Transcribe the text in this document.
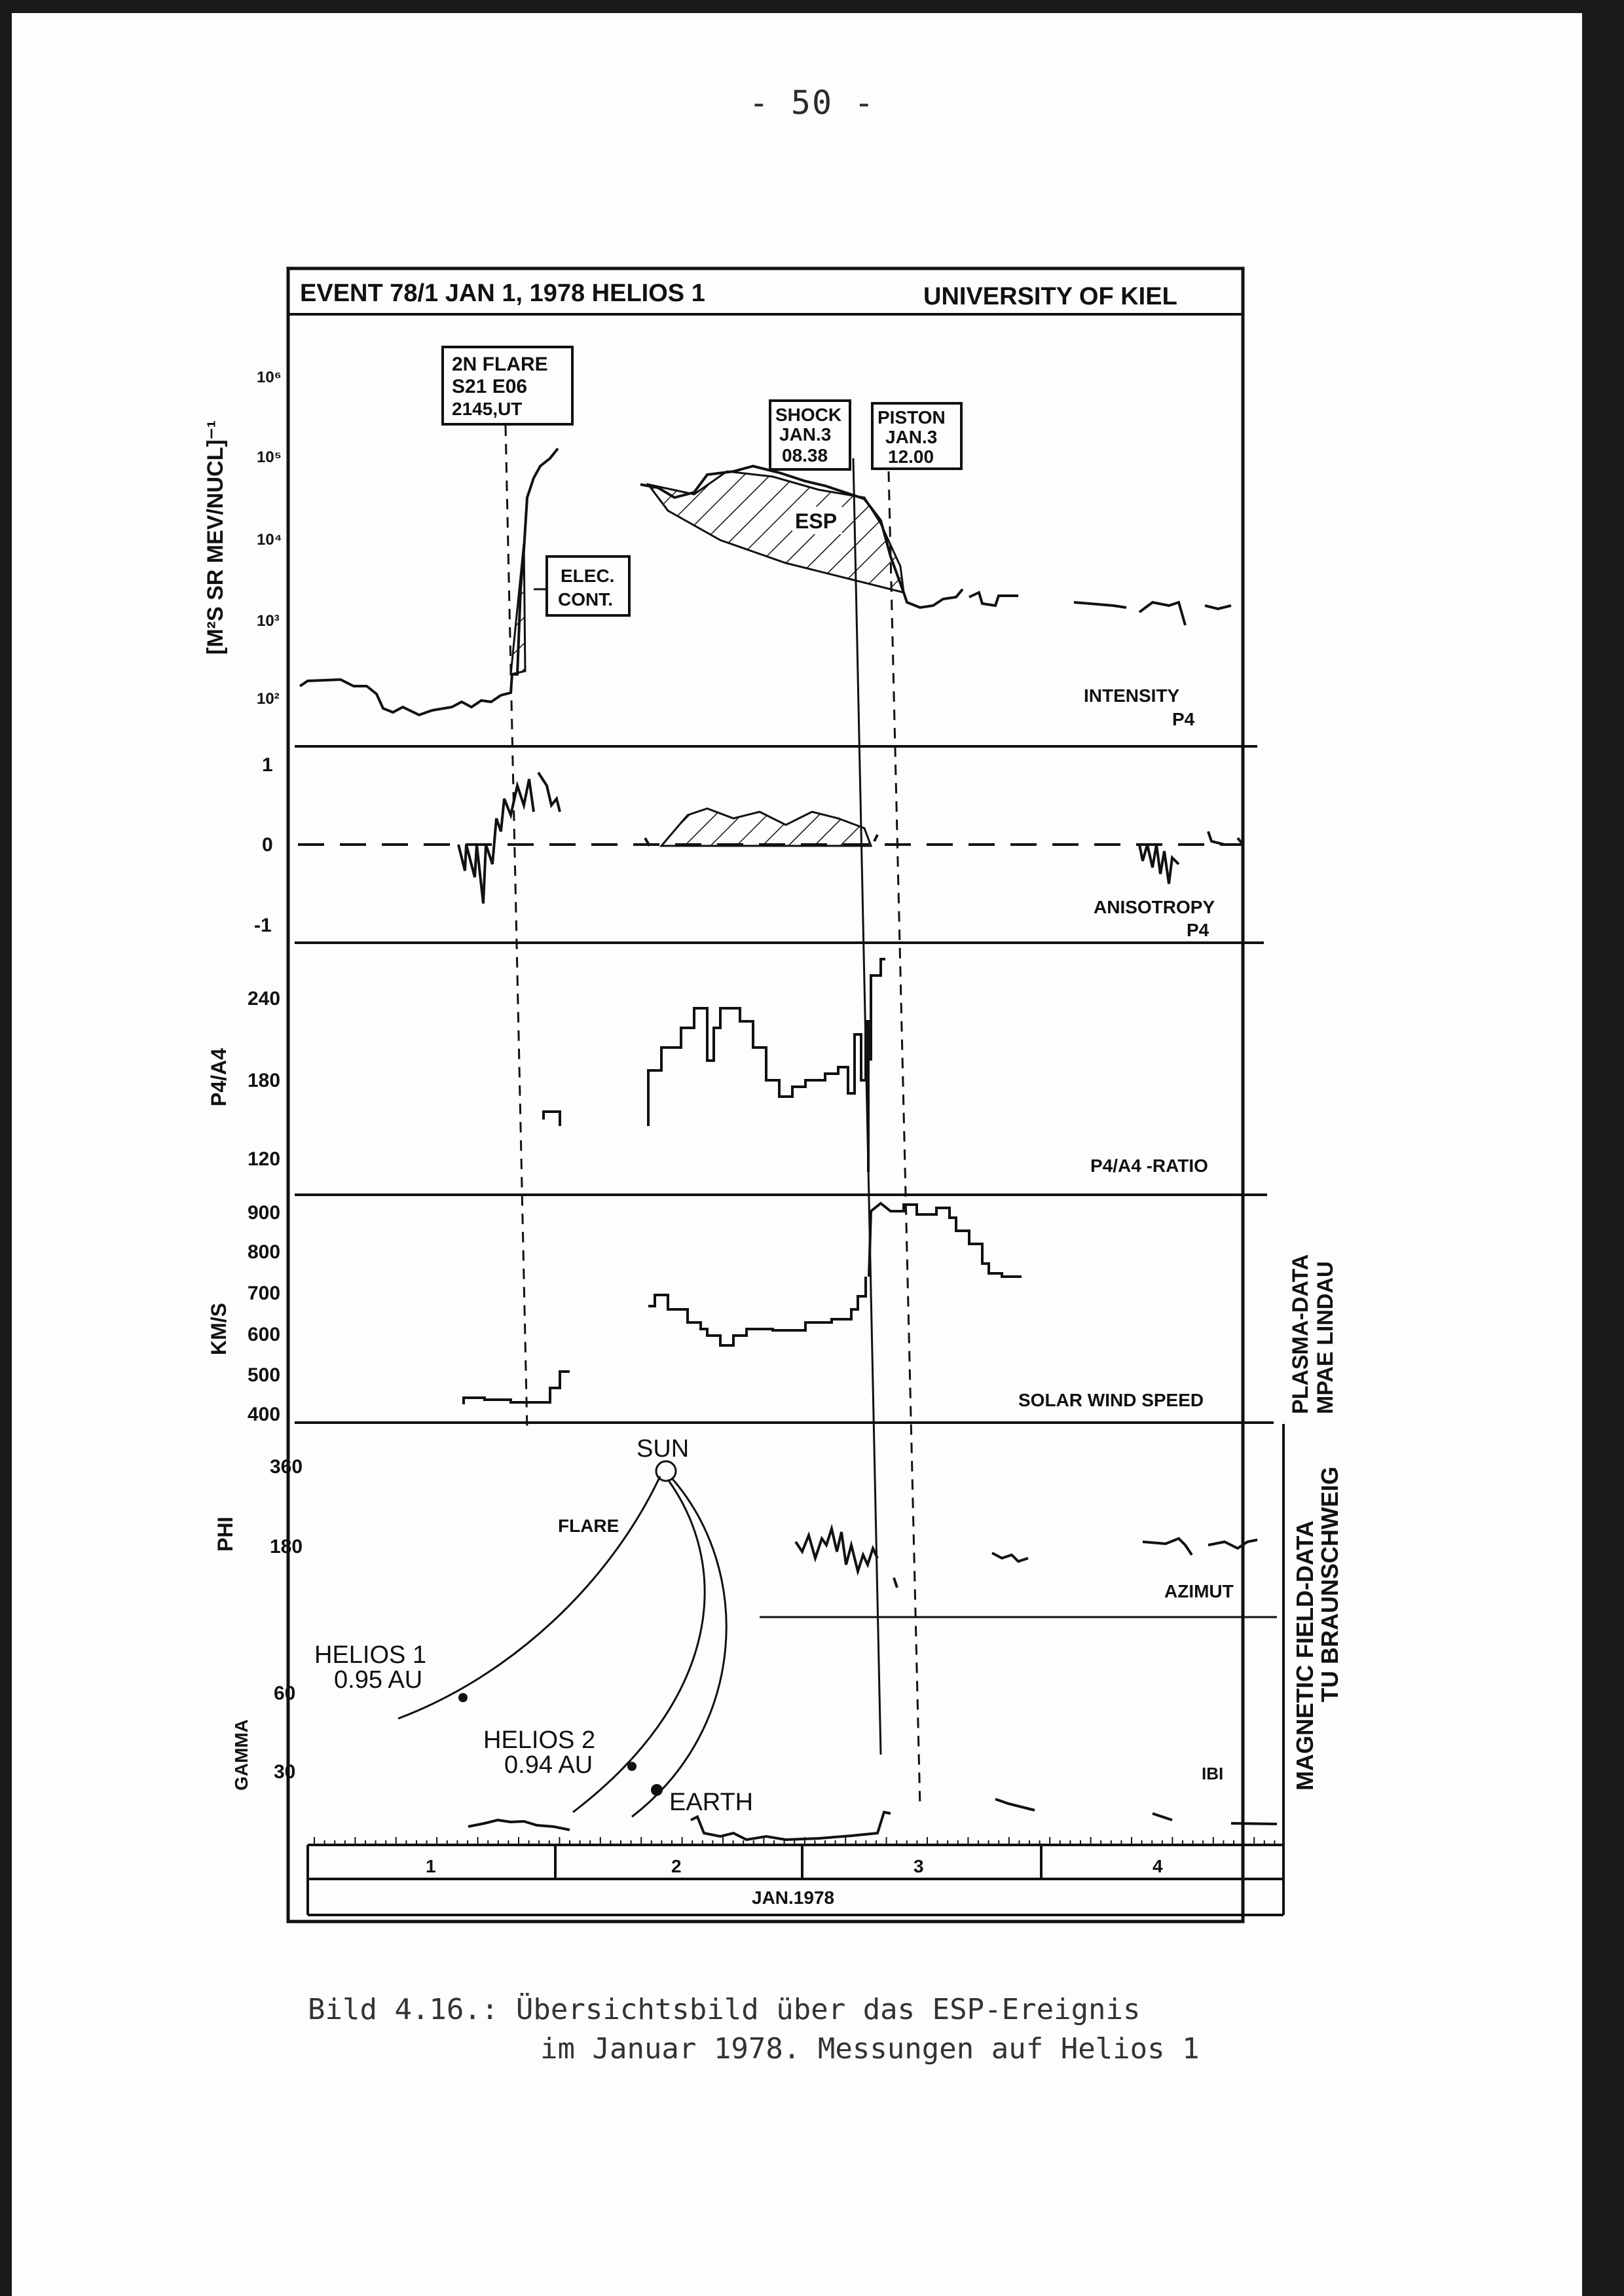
- 50 -
EVENT 78/1 JAN 1, 1978 HELIOS 1	UNIVERSITY OF KIEL
10⁶
10⁵
10⁴
10³
10²
[M²S SR MEV/NUCL]⁻¹
2N FLARE
S21 E06
2145,UT	SHOCK
JAN.3
08.38
PISTON
JAN.3
12.00
ELEC.
CONT.
ESP
INTENSITY
P4
1
0
-1
ANISOTROPY
P4
240
180
120
P4/A4
P4/A4 -RATIO
900
800
700
600
500
400
KM/S
SOLAR WIND SPEED	PLASMA-DATA MPAE LINDAU
360
180
PHI
AZIMUT
60
30
GAMMA	IBI	MAGNETIC FIELD-DATA
TU BRAUNSCHWEIG
SUN
FLARE
HELIOS 1
0.95 AU
HELIOS 2
0.94 AU
EARTH
1	2	3	4
JAN.1978
Bild 4.16.: Übersichtsbild über das ESP-Ereignis
im Januar 1978. Messungen auf Helios 1
